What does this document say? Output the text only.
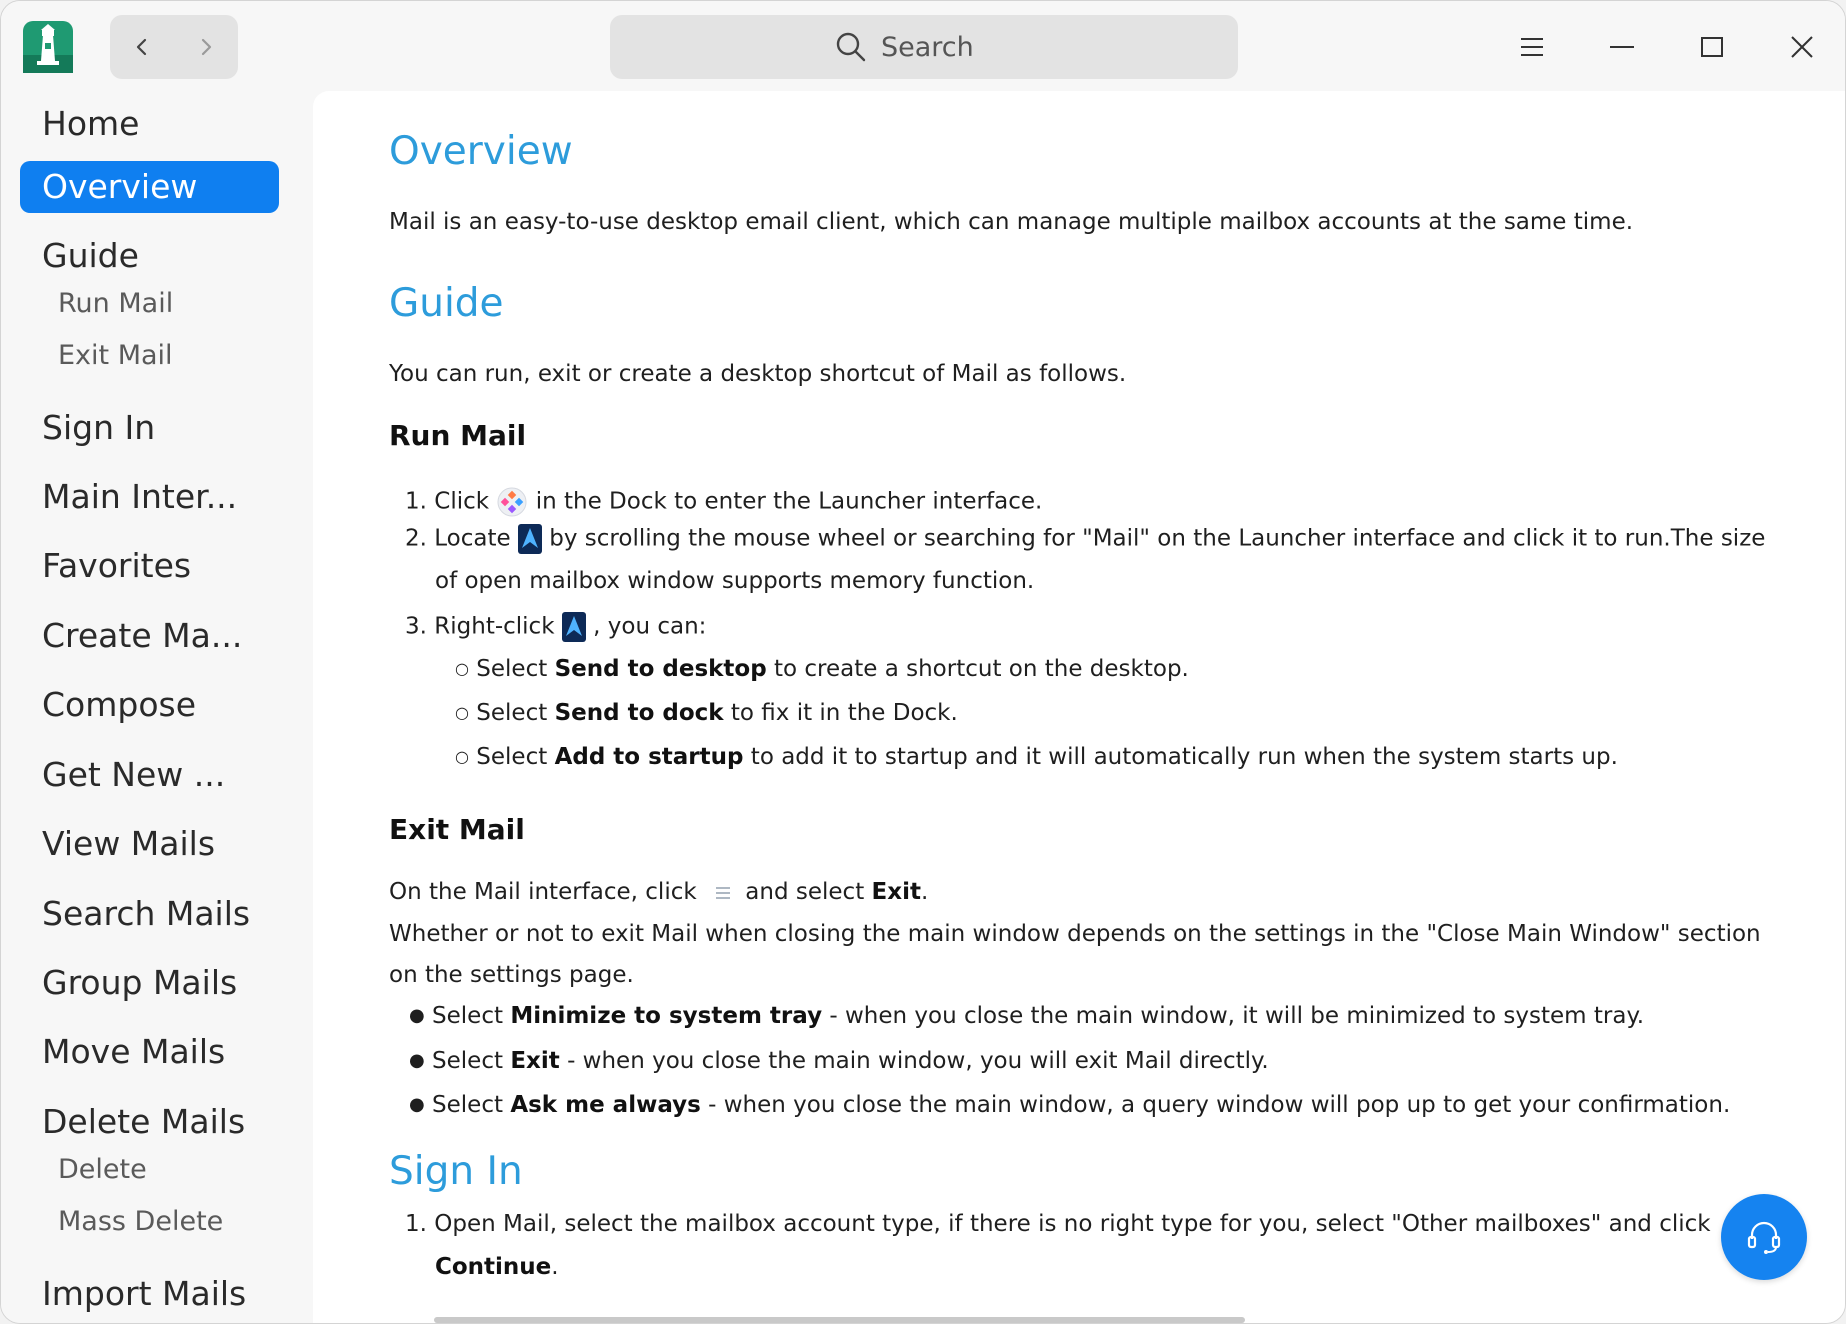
Search
Home
Overview
Guide
Run Mail
Exit Mail
Sign In
Main Inter...
Favorites
Create Ma...
Compose
Get New ...
View Mails
Search Mails
Group Mails
Move Mails
Delete Mails
Delete
Mass Delete
Import Mails
Overview
Mail is an easy-to-use desktop email client, which can manage multiple mailbox accounts at the same time.
Guide
You can run, exit or create a desktop shortcut of Mail as follows.
Run Mail
1. Click in the Dock to enter the Launcher interface.
2. Locate by scrolling the mouse wheel or searching for "Mail" on the Launcher interface and click it to run.The size
of open mailbox window supports memory function.
3. Right-click , you can:
○ Select Send to desktop to create a shortcut on the desktop.
○ Select Send to dock to fix it in the Dock.
○ Select Add to startup to add it to startup and it will automatically run when the system starts up.
Exit Mail
On the Mail interface, click and select Exit.
Whether or not to exit Mail when closing the main window depends on the settings in the "Close Main Window" section
on the settings page.
● Select Minimize to system tray - when you close the main window, it will be minimized to system tray.
● Select Exit - when you close the main window, you will exit Mail directly.
● Select Ask me always - when you close the main window, a query window will pop up to get your confirmation.
Sign In
1. Open Mail, select the mailbox account type, if there is no right type for you, select "Other mailboxes" and click
Continue.
